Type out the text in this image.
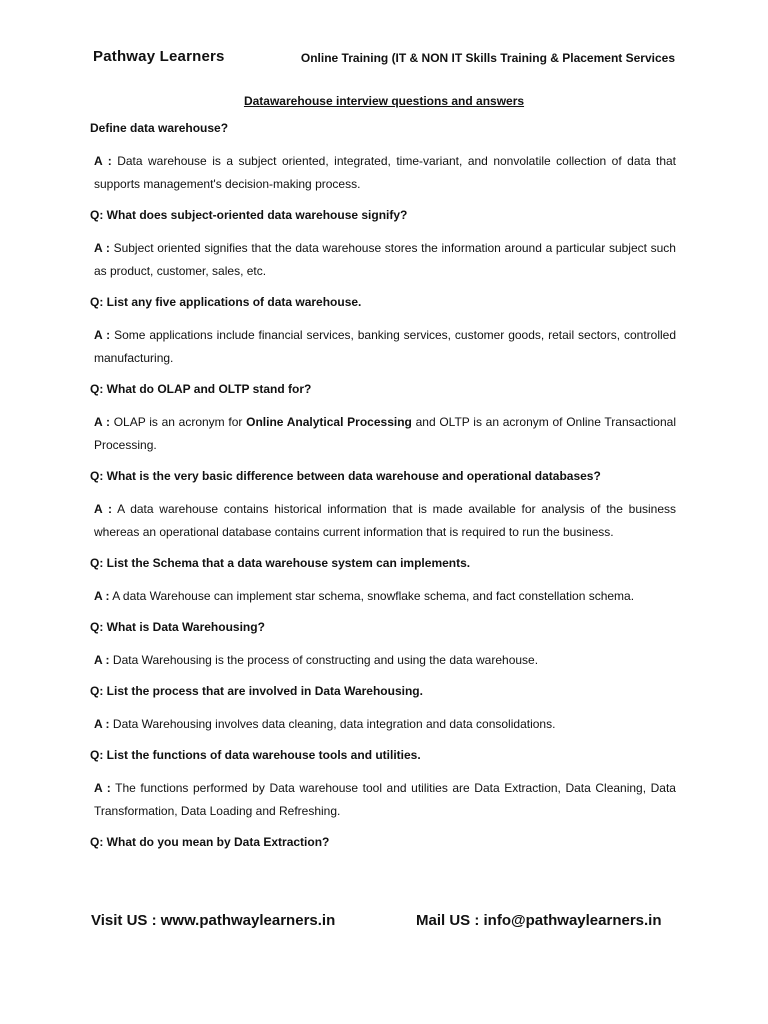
Pathway Learners	Online Training (IT & NON IT Skills Training & Placement Services
Datawarehouse interview questions and answers
Define data warehouse?
A : Data warehouse is a subject oriented, integrated, time-variant, and nonvolatile collection of data that supports management's decision-making process.
Q: What does subject-oriented data warehouse signify?
A : Subject oriented signifies that the data warehouse stores the information around a particular subject such as product, customer, sales, etc.
Q: List any five applications of data warehouse.
A : Some applications include financial services, banking services, customer goods, retail sectors, controlled manufacturing.
Q: What do OLAP and OLTP stand for?
A : OLAP is an acronym for Online Analytical Processing and OLTP is an acronym of Online Transactional Processing.
Q: What is the very basic difference between data warehouse and operational databases?
A : A data warehouse contains historical information that is made available for analysis of the business whereas an operational database contains current information that is required to run the business.
Q: List the Schema that a data warehouse system can implements.
A : A data Warehouse can implement star schema, snowflake schema, and fact constellation schema.
Q: What is Data Warehousing?
A : Data Warehousing is the process of constructing and using the data warehouse.
Q: List the process that are involved in Data Warehousing.
A : Data Warehousing involves data cleaning, data integration and data consolidations.
Q: List the functions of data warehouse tools and utilities.
A : The functions performed by Data warehouse tool and utilities are Data Extraction, Data Cleaning, Data Transformation, Data Loading and Refreshing.
Q: What do you mean by Data Extraction?
Visit US : www.pathwaylearners.in	Mail US : info@pathwaylearners.in
